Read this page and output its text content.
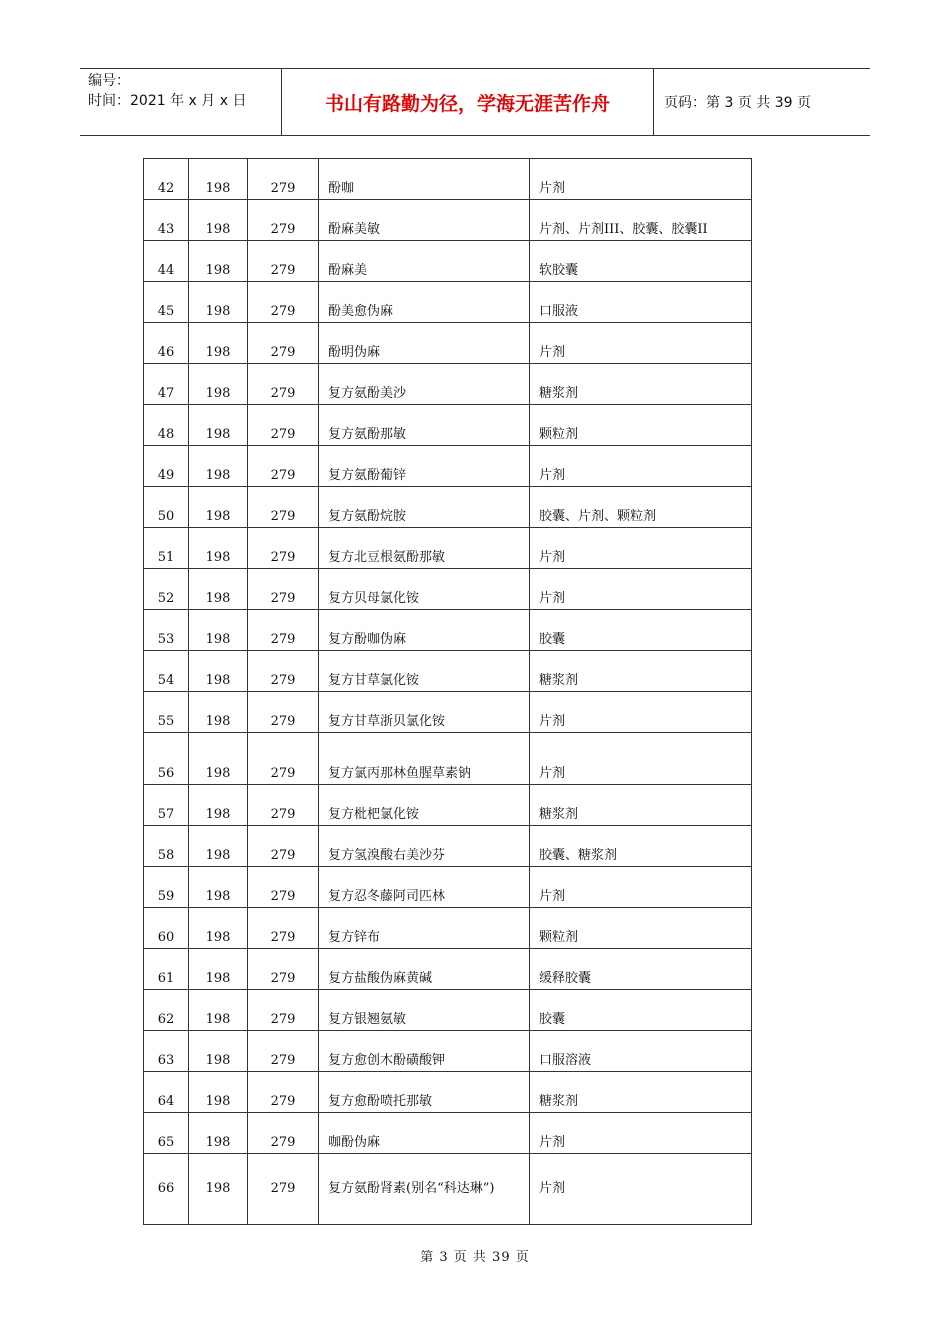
编号：
时间：2021 年 x 月 x 日	书山有路勤为径，学海无涯苦作舟	页码：第 3 页 共 39 页
42	198	279	酚咖	片剂
43	198	279	酚麻美敏	片剂、片剂III、胶囊、胶囊II
44	198	279	酚麻美	软胶囊
45	198	279	酚美愈伪麻	口服液
46	198	279	酚明伪麻	片剂
47	198	279	复方氨酚美沙	糖浆剂
48	198	279	复方氨酚那敏	颗粒剂
49	198	279	复方氨酚葡锌	片剂
50	198	279	复方氨酚烷胺	胶囊、片剂、颗粒剂
51	198	279	复方北豆根氨酚那敏	片剂
52	198	279	复方贝母氯化铵	片剂
53	198	279	复方酚咖伪麻	胶囊
54	198	279	复方甘草氯化铵	糖浆剂
55	198	279	复方甘草浙贝氯化铵	片剂
56	198	279	复方氯丙那林鱼腥草素钠	片剂
57	198	279	复方枇杷氯化铵	糖浆剂
58	198	279	复方氢溴酸右美沙芬	胶囊、糖浆剂
59	198	279	复方忍冬藤阿司匹林	片剂
60	198	279	复方锌布	颗粒剂
61	198	279	复方盐酸伪麻黄碱	缓释胶囊
62	198	279	复方银翘氨敏	胶囊
63	198	279	复方愈创木酚磺酸钾	口服溶液
64	198	279	复方愈酚喷托那敏	糖浆剂
65	198	279	咖酚伪麻	片剂
66	198	279	复方氨酚肾素(别名“科达琳”)	片剂
第 3 页 共 39 页
